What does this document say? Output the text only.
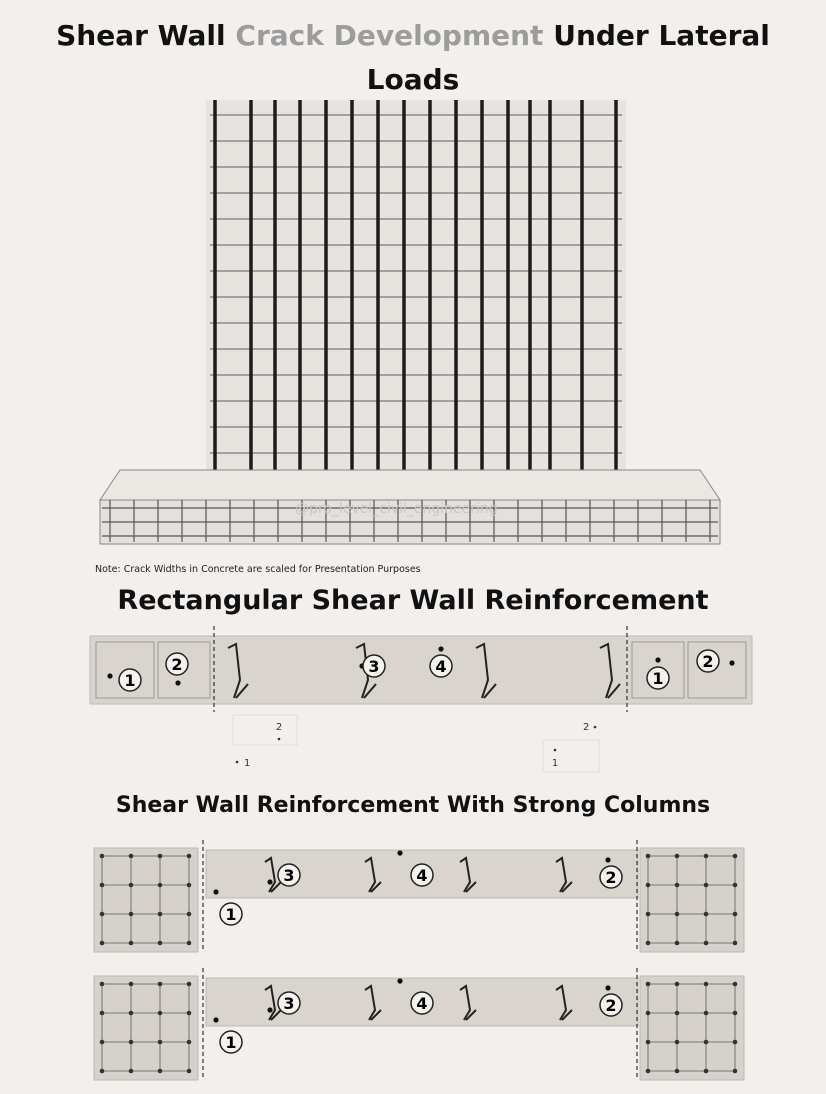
Shear Wall Crack Development Under Lateral
Loads
@pro_level_civil_engineering
Note: Crack Widths in Concrete are scaled for Presentation Purposes
Rectangular Shear Wall Reinforcement
1
2	3	4
1
2
2	2
1	1
Shear Wall Reinforcement With Strong Columns
1
3	4	2
1
3	4	2
